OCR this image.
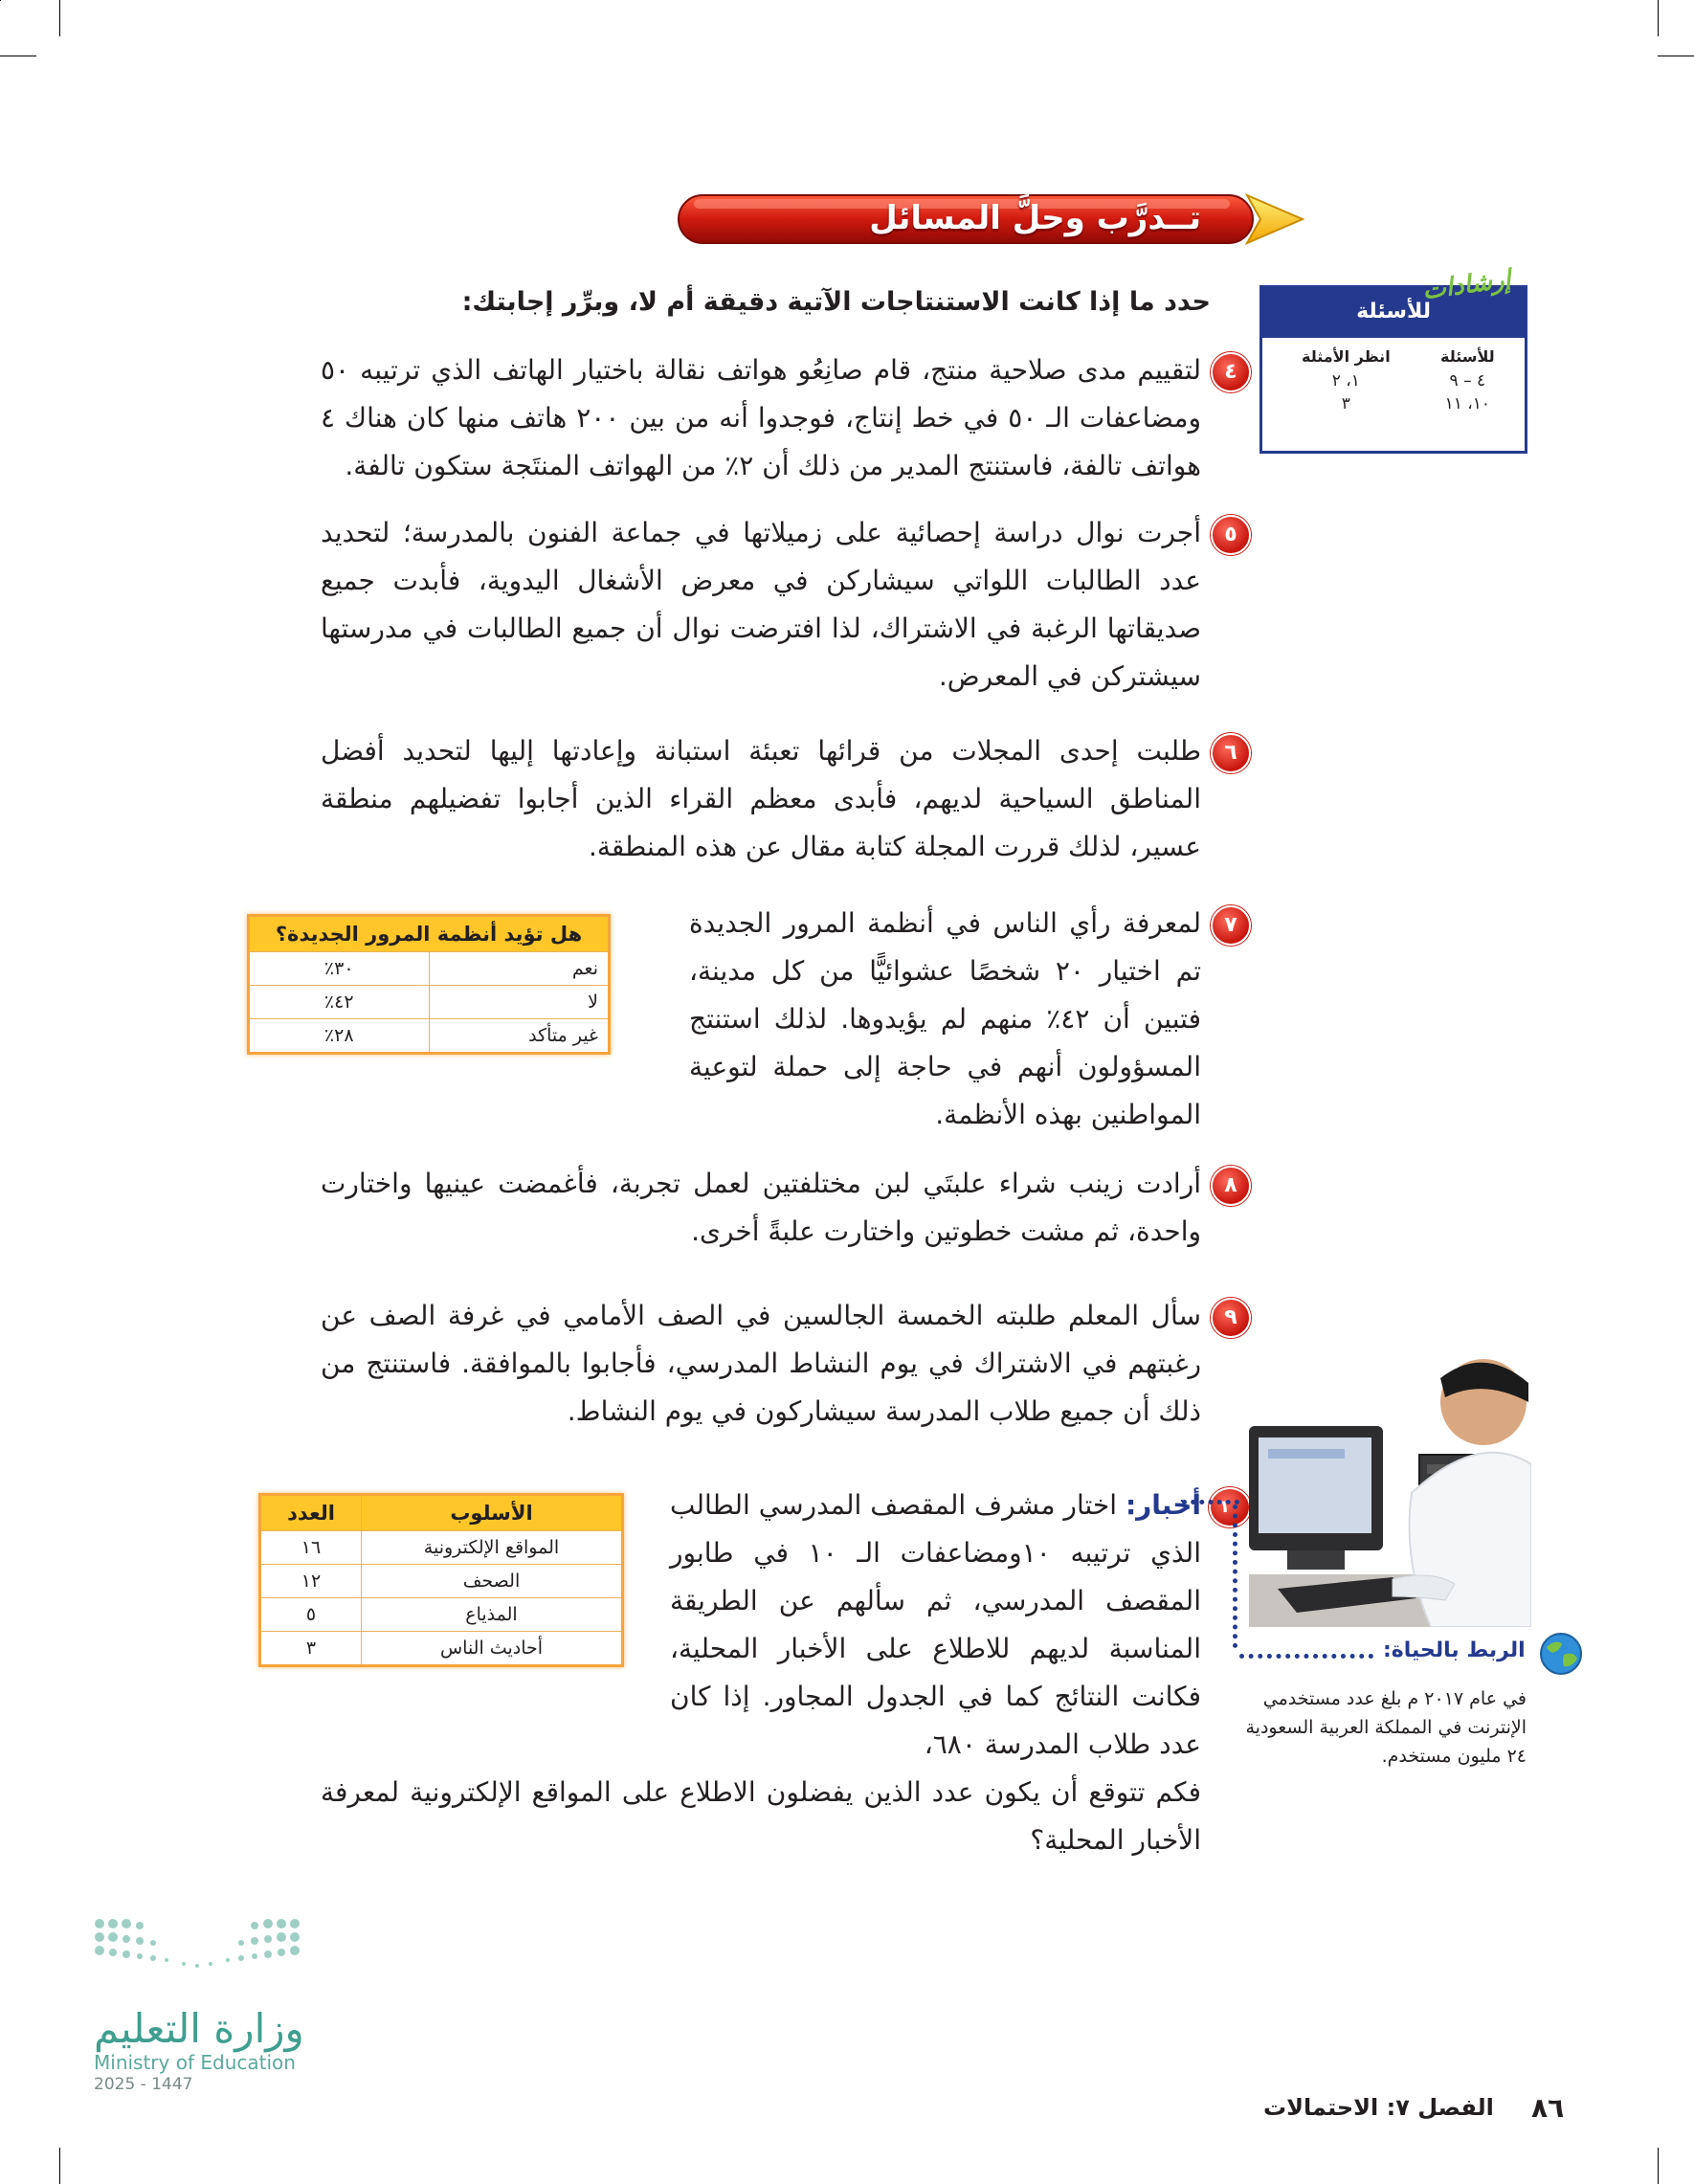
تــدرَّب وحلَّ المسائل
حدد ما إذا كانت الاستنتاجات الآتية دقيقة أم لا، وبرِّر إجابتك:
٤
لتقييم مدى صلاحية منتج، قام صانِعُو هواتف نقالة باختيار الهاتف الذي ترتيبه ٥٠ ومضاعفات الـ ٥٠ في خط إنتاج، فوجدوا أنه من بين ٢٠٠ هاتف منها كان هناك ٤ هواتف تالفة، فاستنتج المدير من ذلك أن ٢٪ من الهواتف المنتَجة ستكون تالفة.
٥
أجرت نوال دراسة إحصائية على زميلاتها في جماعة الفنون بالمدرسة؛ لتحديد عدد الطالبات اللواتي سيشاركن في معرض الأشغال اليدوية، فأبدت جميع صديقاتها الرغبة في الاشتراك، لذا افترضت نوال أن جميع الطالبات في مدرستها سيشتركن في المعرض.
٦
طلبت إحدى المجلات من قرائها تعبئة استبانة وإعادتها إليها لتحديد أفضل المناطق السياحية لديهم، فأبدى معظم القراء الذين أجابوا تفضيلهم منطقة عسير، لذلك قررت المجلة كتابة مقال عن هذه المنطقة.
٧
لمعرفة رأي الناس في أنظمة المرور الجديدة تم اختيار ٢٠ شخصًا عشوائيًّا من كل مدينة، فتبين أن ٤٢٪ منهم لم يؤيدوها. لذلك استنتج المسؤولون أنهم في حاجة إلى حملة لتوعية المواطنين بهذه الأنظمة.
هل تؤيد أنظمة المرور الجديدة؟	
نعم	٣٠٪
لا	٤٢٪
غير متأكد	٢٨٪
٨
أرادت زينب شراء علبتَي لبن مختلفتين لعمل تجربة، فأغمضت عينيها واختارت واحدة، ثم مشت خطوتين واختارت علبةً أخرى.
٩
سأل المعلم طلبته الخمسة الجالسين في الصف الأمامي في غرفة الصف عن رغبتهم في الاشتراك في يوم النشاط المدرسي، فأجابوا بالموافقة. فاستنتج من ذلك أن جميع طلاب المدرسة سيشاركون في يوم النشاط.
١٠
أخبار: اختار مشرف المقصف المدرسي الطالب الذي ترتيبه ١٠ومضاعفات الـ ١٠ في طابور المقصف المدرسي، ثم سألهم عن الطريقة المناسبة لديهم للاطلاع على الأخبار المحلية، فكانت النتائج كما في الجدول المجاور. إذا كان عدد طلاب المدرسة ٦٨٠،
فكم تتوقع أن يكون عدد الذين يفضلون الاطلاع على المواقع الإلكترونية لمعرفة الأخبار المحلية؟
الأسلوب	العدد
المواقع الإلكترونية	١٦
الصحف	١٢
المذياع	٥
أحاديث الناس	٣
للأسئلة
إرشادات
للأسئلة	انظر الأمثلة
٤ – ٩	١، ٢
١٠، ١١	٣
الربط بالحياة:
في عام ٢٠١٧ م بلغ عدد مستخدمي الإنترنت في المملكة العربية السعودية ٢٤ مليون مستخدم.
وزارة التعليم
Ministry of Education
2025 - 1447
٨٦
الفصل ٧: الاحتمالات
